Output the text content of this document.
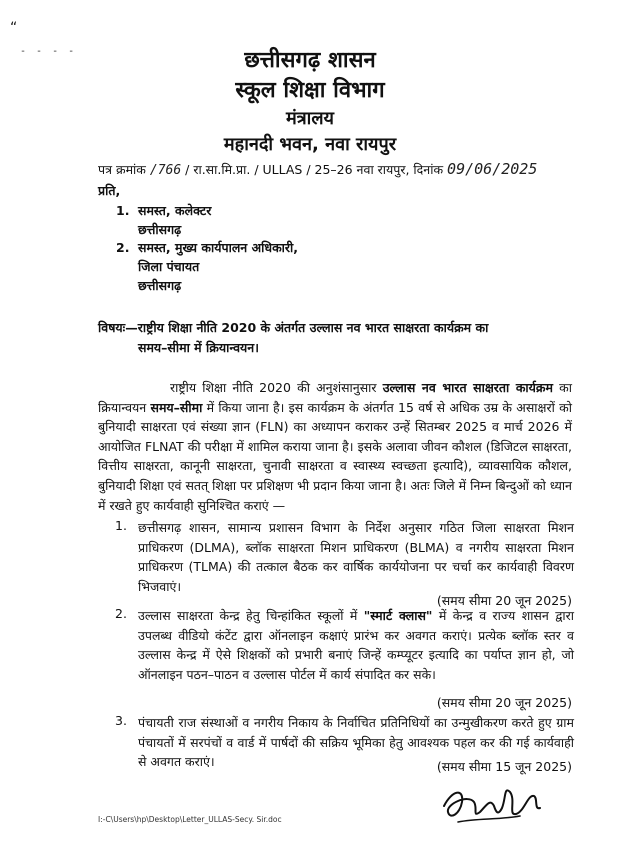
“
- - - -	छत्तीसगढ़ शासन
स्कूल शिक्षा विभाग
मंत्रालय
महानदी भवन, नवा रायपुर
पत्र क्रमांक /766 / रा.सा.मि.प्रा. / ULLAS / 25–26 नवा रायपुर, दिनांक 09/06/2025
प्रति,
1. समस्त, कलेक्टर
छत्तीसगढ़
2. समस्त, मुख्य कार्यपालन अधिकारी,
जिला पंचायत
छत्तीसगढ़
विषयः—राष्ट्रीय शिक्षा नीति 2020 के अंतर्गत उल्लास नव भारत साक्षरता कार्यक्रम का
समय–सीमा में क्रियान्वयन।
राष्ट्रीय शिक्षा नीति 2020 की अनुशंसानुसार उल्लास नव भारत साक्षरता कार्यक्रम का क्रियान्वयन समय–सीमा में किया जाना है। इस कार्यक्रम के अंतर्गत 15 वर्ष से अधिक उम्र के असाक्षरों को बुनियादी साक्षरता एवं संख्या ज्ञान (FLN) का अध्यापन कराकर उन्हें सितम्बर 2025 व मार्च 2026 में आयोजित FLNAT की परीक्षा में शामिल कराया जाना है। इसके अलावा जीवन कौशल (डिजिटल साक्षरता, वित्तीय साक्षरता, कानूनी साक्षरता, चुनावी साक्षरता व स्वास्थ्य स्वच्छता इत्यादि), व्यावसायिक कौशल, बुनियादी शिक्षा एवं सतत् शिक्षा पर प्रशिक्षण भी प्रदान किया जाना है। अतः जिले में निम्न बिन्दुओं को ध्यान में रखते हुए कार्यवाही सुनिश्चित कराएं —
1. छत्तीसगढ़ शासन, सामान्य प्रशासन विभाग के निर्देश अनुसार गठित जिला साक्षरता मिशन प्राधिकरण (DLMA), ब्लॉक साक्षरता मिशन प्राधिकरण (BLMA) व नगरीय साक्षरता मिशन प्राधिकरण (TLMA) की तत्काल बैठक कर वार्षिक कार्ययोजना पर चर्चा कर कार्यवाही विवरण भिजवाएं।
(समय सीमा 20 जून 2025)
2. उल्लास साक्षरता केन्द्र हेतु चिन्हांकित स्कूलों में "स्मार्ट क्लास" में केन्द्र व राज्य शासन द्वारा उपलब्ध वीडियो कंटेंट द्वारा ऑनलाइन कक्षाएं प्रारंभ कर अवगत कराएं। प्रत्येक ब्लॉक स्तर व उल्लास केन्द्र में ऐसे शिक्षकों को प्रभारी बनाएं जिन्हें कम्प्यूटर इत्यादि का पर्याप्त ज्ञान हो, जो ऑनलाइन पठन–पाठन व उल्लास पोर्टल में कार्य संपादित कर सके।
(समय सीमा 20 जून 2025)
3. पंचायती राज संस्थाओं व नगरीय निकाय के निर्वाचित प्रतिनिधियों का उन्मुखीकरण करते हुए ग्राम पंचायतों में सरपंचों व वार्ड में पार्षदों की सक्रिय भूमिका हेतु आवश्यक पहल कर की गई कार्यवाही से अवगत कराएं।	(समय सीमा 15 जून 2025)
I:-C\Users\hp\Desktop\Letter_ULLAS-Secy. Sir.doc
